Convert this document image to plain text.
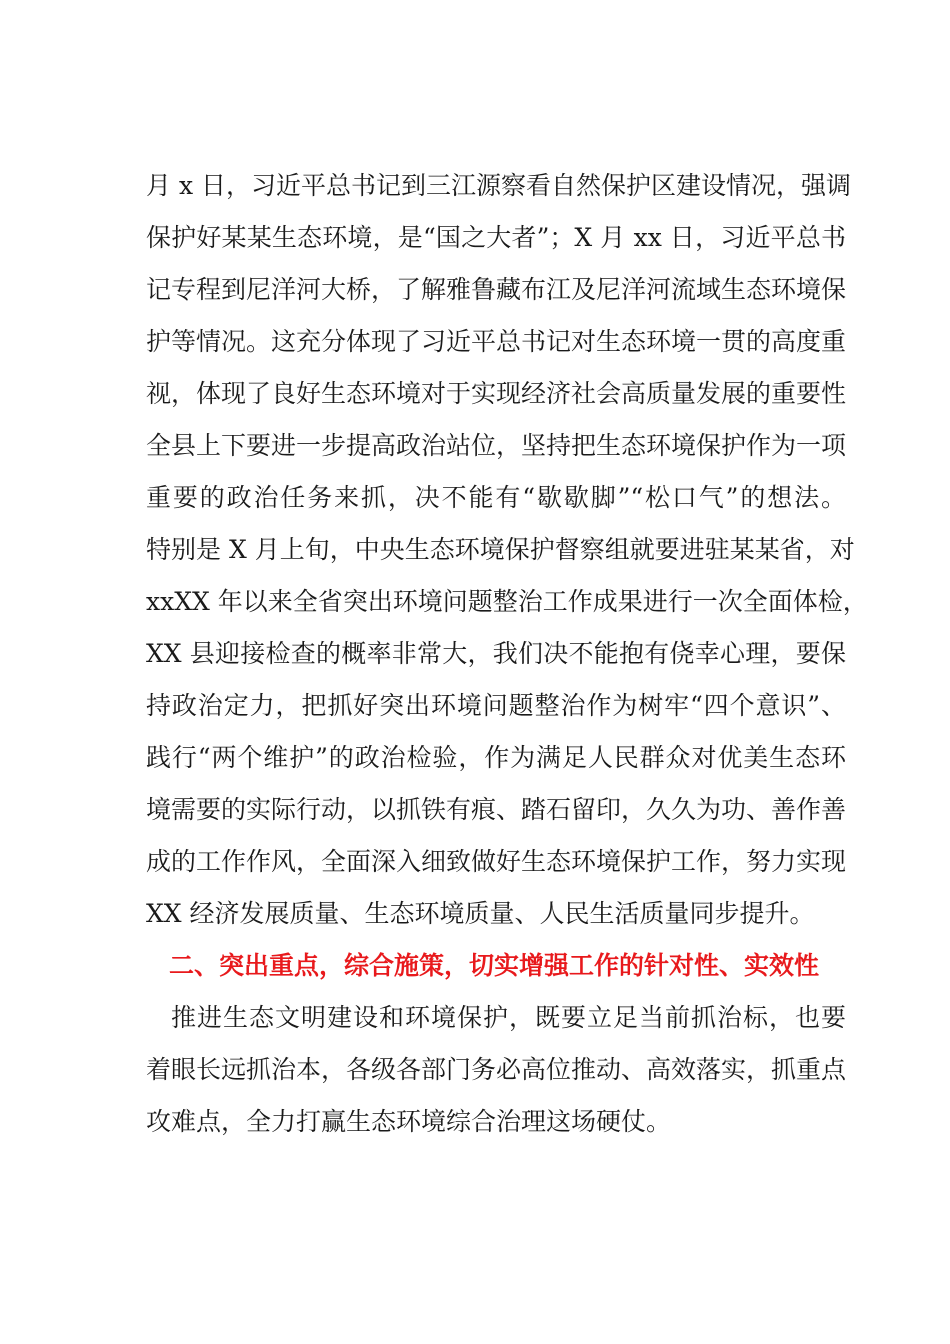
月 x 日，习近平总书记到三江源察看自然保护区建设情况，强调
保护好某某生态环境，是“国之大者”；X 月 xx 日，习近平总书
记专程到尼洋河大桥，了解雅鲁藏布江及尼洋河流域生态环境保
护等情况。这充分体现了习近平总书记对生态环境一贯的高度重
视，体现了良好生态环境对于实现经济社会高质量发展的重要性
全县上下要进一步提高政治站位，坚持把生态环境保护作为一项
重要的政治任务来抓，决不能有“歇歇脚”“松口气”的想法。
特别是 X 月上旬，中央生态环境保护督察组就要进驻某某省，对
xxXX 年以来全省突出环境问题整治工作成果进行一次全面体检，
XX 县迎接检查的概率非常大，我们决不能抱有侥幸心理，要保
持政治定力，把抓好突出环境问题整治作为树牢“四个意识”、
践行“两个维护”的政治检验，作为满足人民群众对优美生态环
境需要的实际行动，以抓铁有痕、踏石留印，久久为功、善作善
成的工作作风，全面深入细致做好生态环境保护工作，努力实现
XX 经济发展质量、生态环境质量、人民生活质量同步提升。
二、突出重点，综合施策，切实增强工作的针对性、实效性
推进生态文明建设和环境保护，既要立足当前抓治标，也要
着眼长远抓治本，各级各部门务必高位推动、高效落实，抓重点
攻难点，全力打赢生态环境综合治理这场硬仗。
